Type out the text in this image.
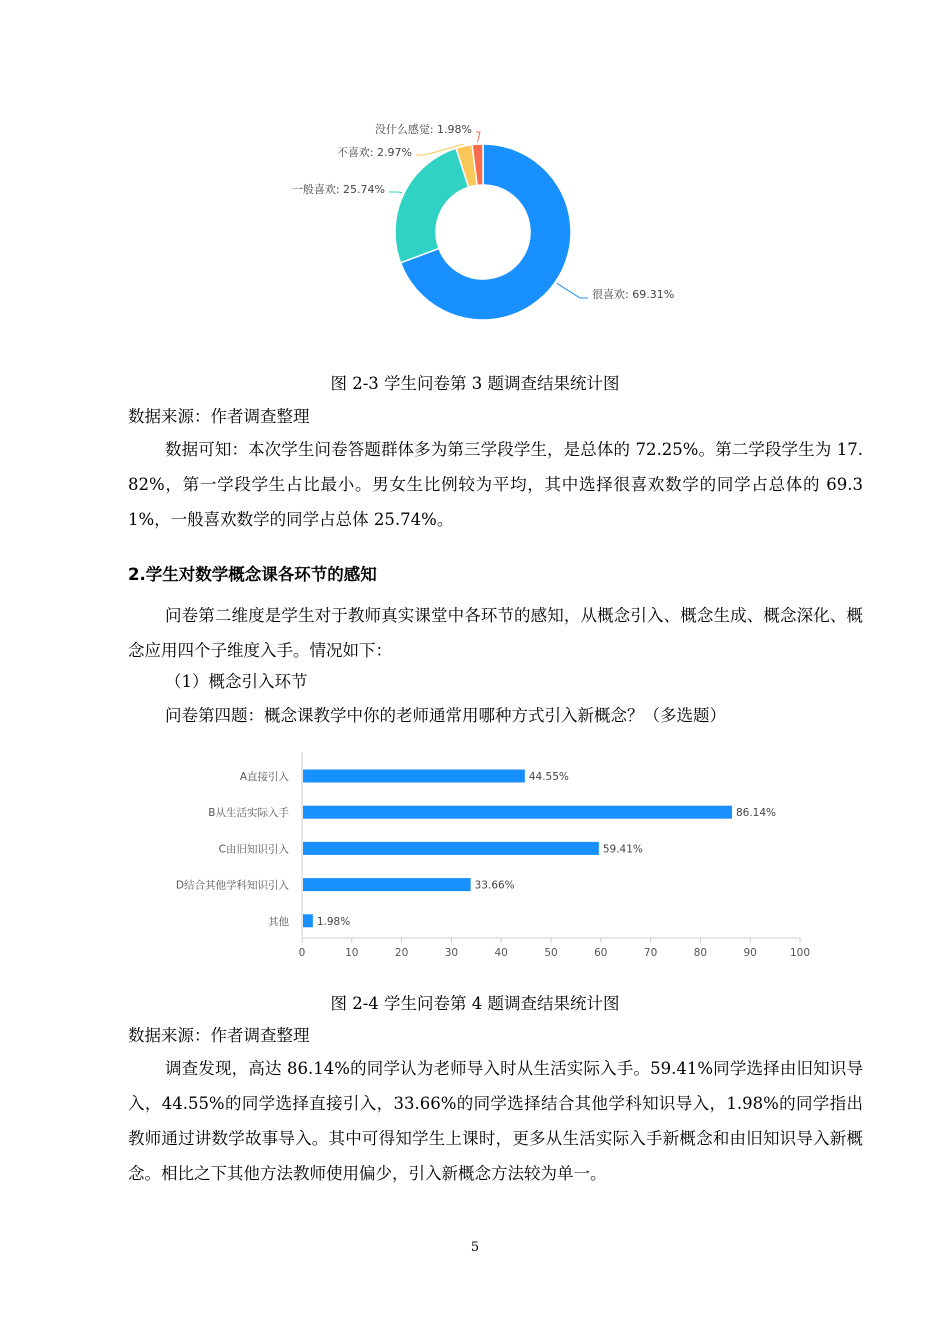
很喜欢: 69.31%
一般喜欢: 25.74%
不喜欢: 2.97%
没什么感觉: 1.98%

图 2-3 学生问卷第 3 题调查结果统计图

数据来源：作者调查整理

数据可知：本次学生问卷答题群体多为第三学段学生，是总体的 72.25%。第二学段学生为 17.82%，第一学段学生占比最小。男女生比例较为平均，其中选择很喜欢数学的同学占总体的 69.31%，一般喜欢数学的同学占总体 25.74%。

2.学生对数学概念课各环节的感知

问卷第二维度是学生对于教师真实课堂中各环节的感知，从概念引入、概念生成、概念深化、概念应用四个子维度入手。情况如下：

（1）概念引入环节

问卷第四题：概念课教学中你的老师通常用哪种方式引入新概念？（多选题）

0	10	20	30	40	50	60	70	80	90	100
A直接引入	44.55%
B从生活实际入手	86.14%
C由旧知识引入	59.41%
D结合其他学科知识引入	33.66%
其他	1.98%

图 2-4 学生问卷第 4 题调查结果统计图

数据来源：作者调查整理

调查发现，高达 86.14%的同学认为老师导入时从生活实际入手。59.41%同学选择由旧知识导入，44.55%的同学选择直接引入，33.66%的同学选择结合其他学科知识导入，1.98%的同学指出教师通过讲数学故事导入。其中可得知学生上课时，更多从生活实际入手新概念和由旧知识导入新概念。相比之下其他方法教师使用偏少，引入新概念方法较为单一。

5
